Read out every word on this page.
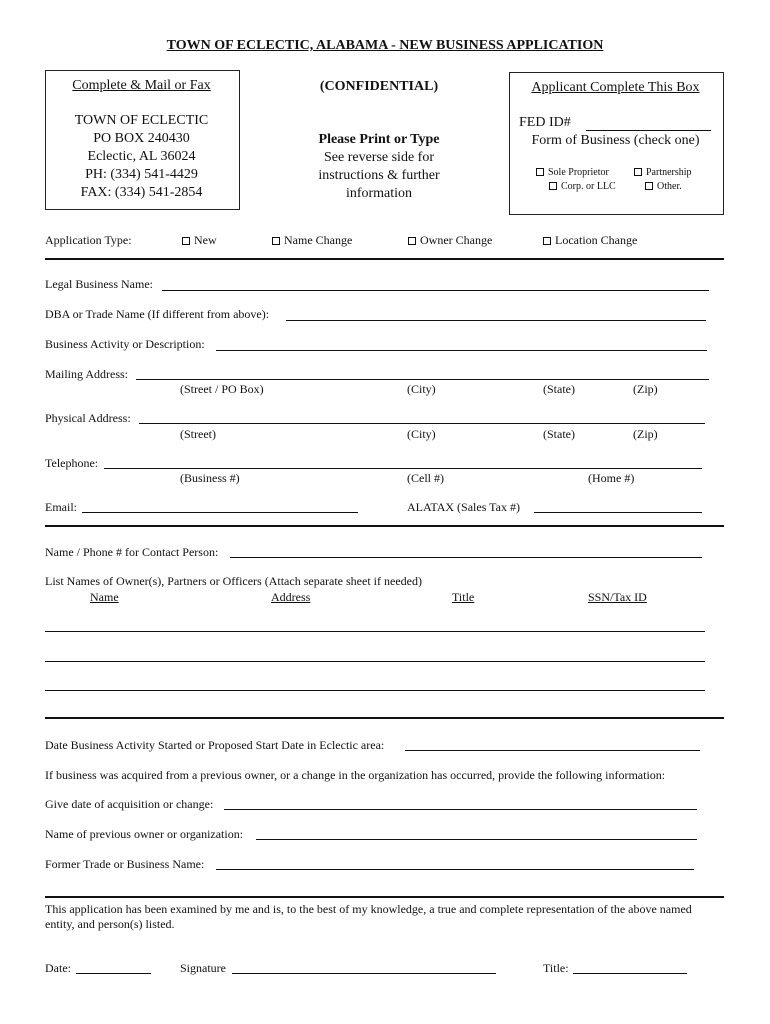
TOWN OF ECLECTIC, ALABAMA - NEW BUSINESS APPLICATION
Complete & Mail or Fax
TOWN OF ECLECTIC
PO BOX 240430
Eclectic, AL 36024
PH: (334) 541-4429
FAX: (334) 541-2854
(CONFIDENTIAL)
Please Print or Type
See reverse side for
instructions & further
information
Applicant Complete This Box
FED ID#
Form of Business (check one)
Sole Proprietor	Partnership
Corp. or LLC	Other.
Application Type:	New	Name Change	Owner Change	Location Change
Legal Business Name:
DBA or Trade Name (If different from above):
Business Activity or Description:
Mailing Address:
(Street / PO Box)	(City)	(State)	(Zip)
Physical Address:
(Street)	(City)	(State)	(Zip)
Telephone:
(Business #)	(Cell #)	(Home #)
Email:	ALATAX (Sales Tax #)
Name / Phone # for Contact Person:
List Names of Owner(s), Partners or Officers (Attach separate sheet if needed)
Name	Address	Title	SSN/Tax ID
Date Business Activity Started or Proposed Start Date in Eclectic area:
If business was acquired from a previous owner, or a change in the organization has occurred, provide the following information:
Give date of acquisition or change:
Name of previous owner or organization:
Former Trade or Business Name:
This application has been examined by me and is, to the best of my knowledge, a true and complete representation of the above named
entity, and person(s) listed.
Date:	Signature	Title:
